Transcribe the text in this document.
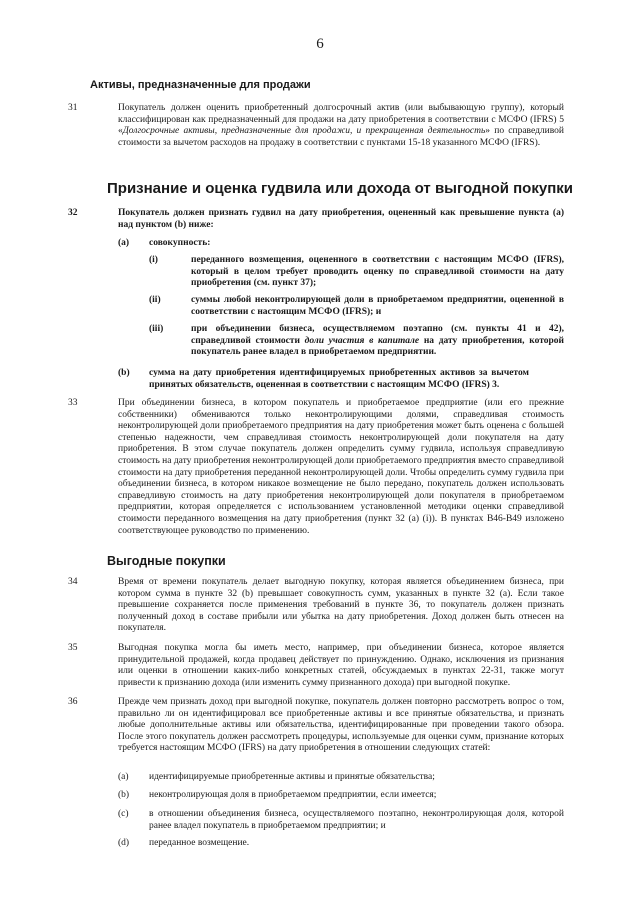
6
Активы, предназначенные для продажи
31	Покупатель должен оценить приобретенный долгосрочный актив (или выбывающую группу), который классифицирован как предназначенный для продажи на дату приобретения в соответствии с МСФО (IFRS) 5 «Долгосрочные активы, предназначенные для продажи, и прекращенная деятельность» по справедливой стоимости за вычетом расходов на продажу в соответствии с пунктами 15-18 указанного МСФО (IFRS).
Признание и оценка гудвила или дохода от выгодной покупки
32	Покупатель должен признать гудвил на дату приобретения, оцененный как превышение пункта (a) над пунктом (b) ниже:
(a) совокупность:
(i)	переданного возмещения, оцененного в соответствии с настоящим МСФО (IFRS), который в целом требует проводить оценку по справедливой стоимости на дату приобретения (см. пункт 37);
(ii)	суммы любой неконтролирующей доли в приобретаемом предприятии, оцененной в соответствии с настоящим МСФО (IFRS); и
(iii)	при объединении бизнеса, осуществляемом поэтапно (см. пункты 41 и 42), справедливой стоимости доли участия в капитале на дату приобретения, которой покупатель ранее владел в приобретаемом предприятии.
(b) сумма на дату приобретения идентифицируемых приобретенных активов за вычетом принятых обязательств, оцененная в соответствии с настоящим МСФО (IFRS) 3.
33	При объединении бизнеса, в котором покупатель и приобретаемое предприятие (или его прежние собственники) обмениваются только неконтролирующими долями, справедливая стоимость неконтролирующей доли приобретаемого предприятия на дату приобретения может быть оценена с большей степенью надежности, чем справедливая стоимость неконтролирующей доли покупателя на дату приобретения. В этом случае покупатель должен определить сумму гудвила, используя справедливую стоимость на дату приобретения неконтролирующей доли приобретаемого предприятия вместо справедливой стоимости на дату приобретения переданной неконтролирующей доли. Чтобы определить сумму гудвила при объединении бизнеса, в котором никакое возмещение не было передано, покупатель должен использовать справедливую стоимость на дату приобретения неконтролирующей доли покупателя в приобретаемом предприятии, которая определяется с использованием установленной методики оценки справедливой стоимости переданного возмещения на дату приобретения (пункт 32 (a) (i)). В пунктах B46-B49 изложено соответствующее руководство по применению.
Выгодные покупки
34	Время от времени покупатель делает выгодную покупку, которая является объединением бизнеса, при котором сумма в пункте 32 (b) превышает совокупность сумм, указанных в пункте 32 (a). Если такое превышение сохраняется после применения требований в пункте 36, то покупатель должен признать полученный доход в составе прибыли или убытка на дату приобретения. Доход должен быть отнесен на покупателя.
35	Выгодная покупка могла бы иметь место, например, при объединении бизнеса, которое является принудительной продажей, когда продавец действует по принуждению. Однако, исключения из признания или оценки в отношении каких-либо конкретных статей, обсуждаемых в пунктах 22-31, также могут привести к признанию дохода (или изменить сумму признанного дохода) при выгодной покупке.
36	Прежде чем признать доход при выгодной покупке, покупатель должен повторно рассмотреть вопрос о том, правильно ли он идентифицировал все приобретенные активы и все принятые обязательства, и признать любые дополнительные активы или обязательства, идентифицированные при проведении такого обзора. После этого покупатель должен рассмотреть процедуры, используемые для оценки сумм, признание которых требуется настоящим МСФО (IFRS) на дату приобретения в отношении следующих статей:
(a) идентифицируемые приобретенные активы и принятые обязательства;
(b) неконтролирующая доля в приобретаемом предприятии, если имеется;
(c) в отношении объединения бизнеса, осуществляемого поэтапно, неконтролирующая доля, которой ранее владел покупатель в приобретаемом предприятии; и
(d) переданное возмещение.
